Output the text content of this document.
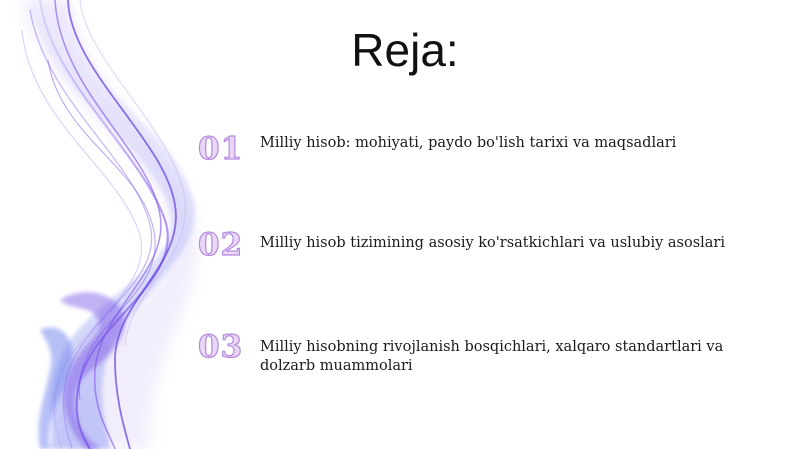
Reja:
01	Milliy hisob: mohiyati, paydo bo'lish tarixi va maqsadlari
02	Milliy hisob tizimining asosiy ko'rsatkichlari va uslubiy asoslari
03	Milliy hisobning rivojlanish bosqichlari, xalqaro standartlari va dolzarb muammolari
